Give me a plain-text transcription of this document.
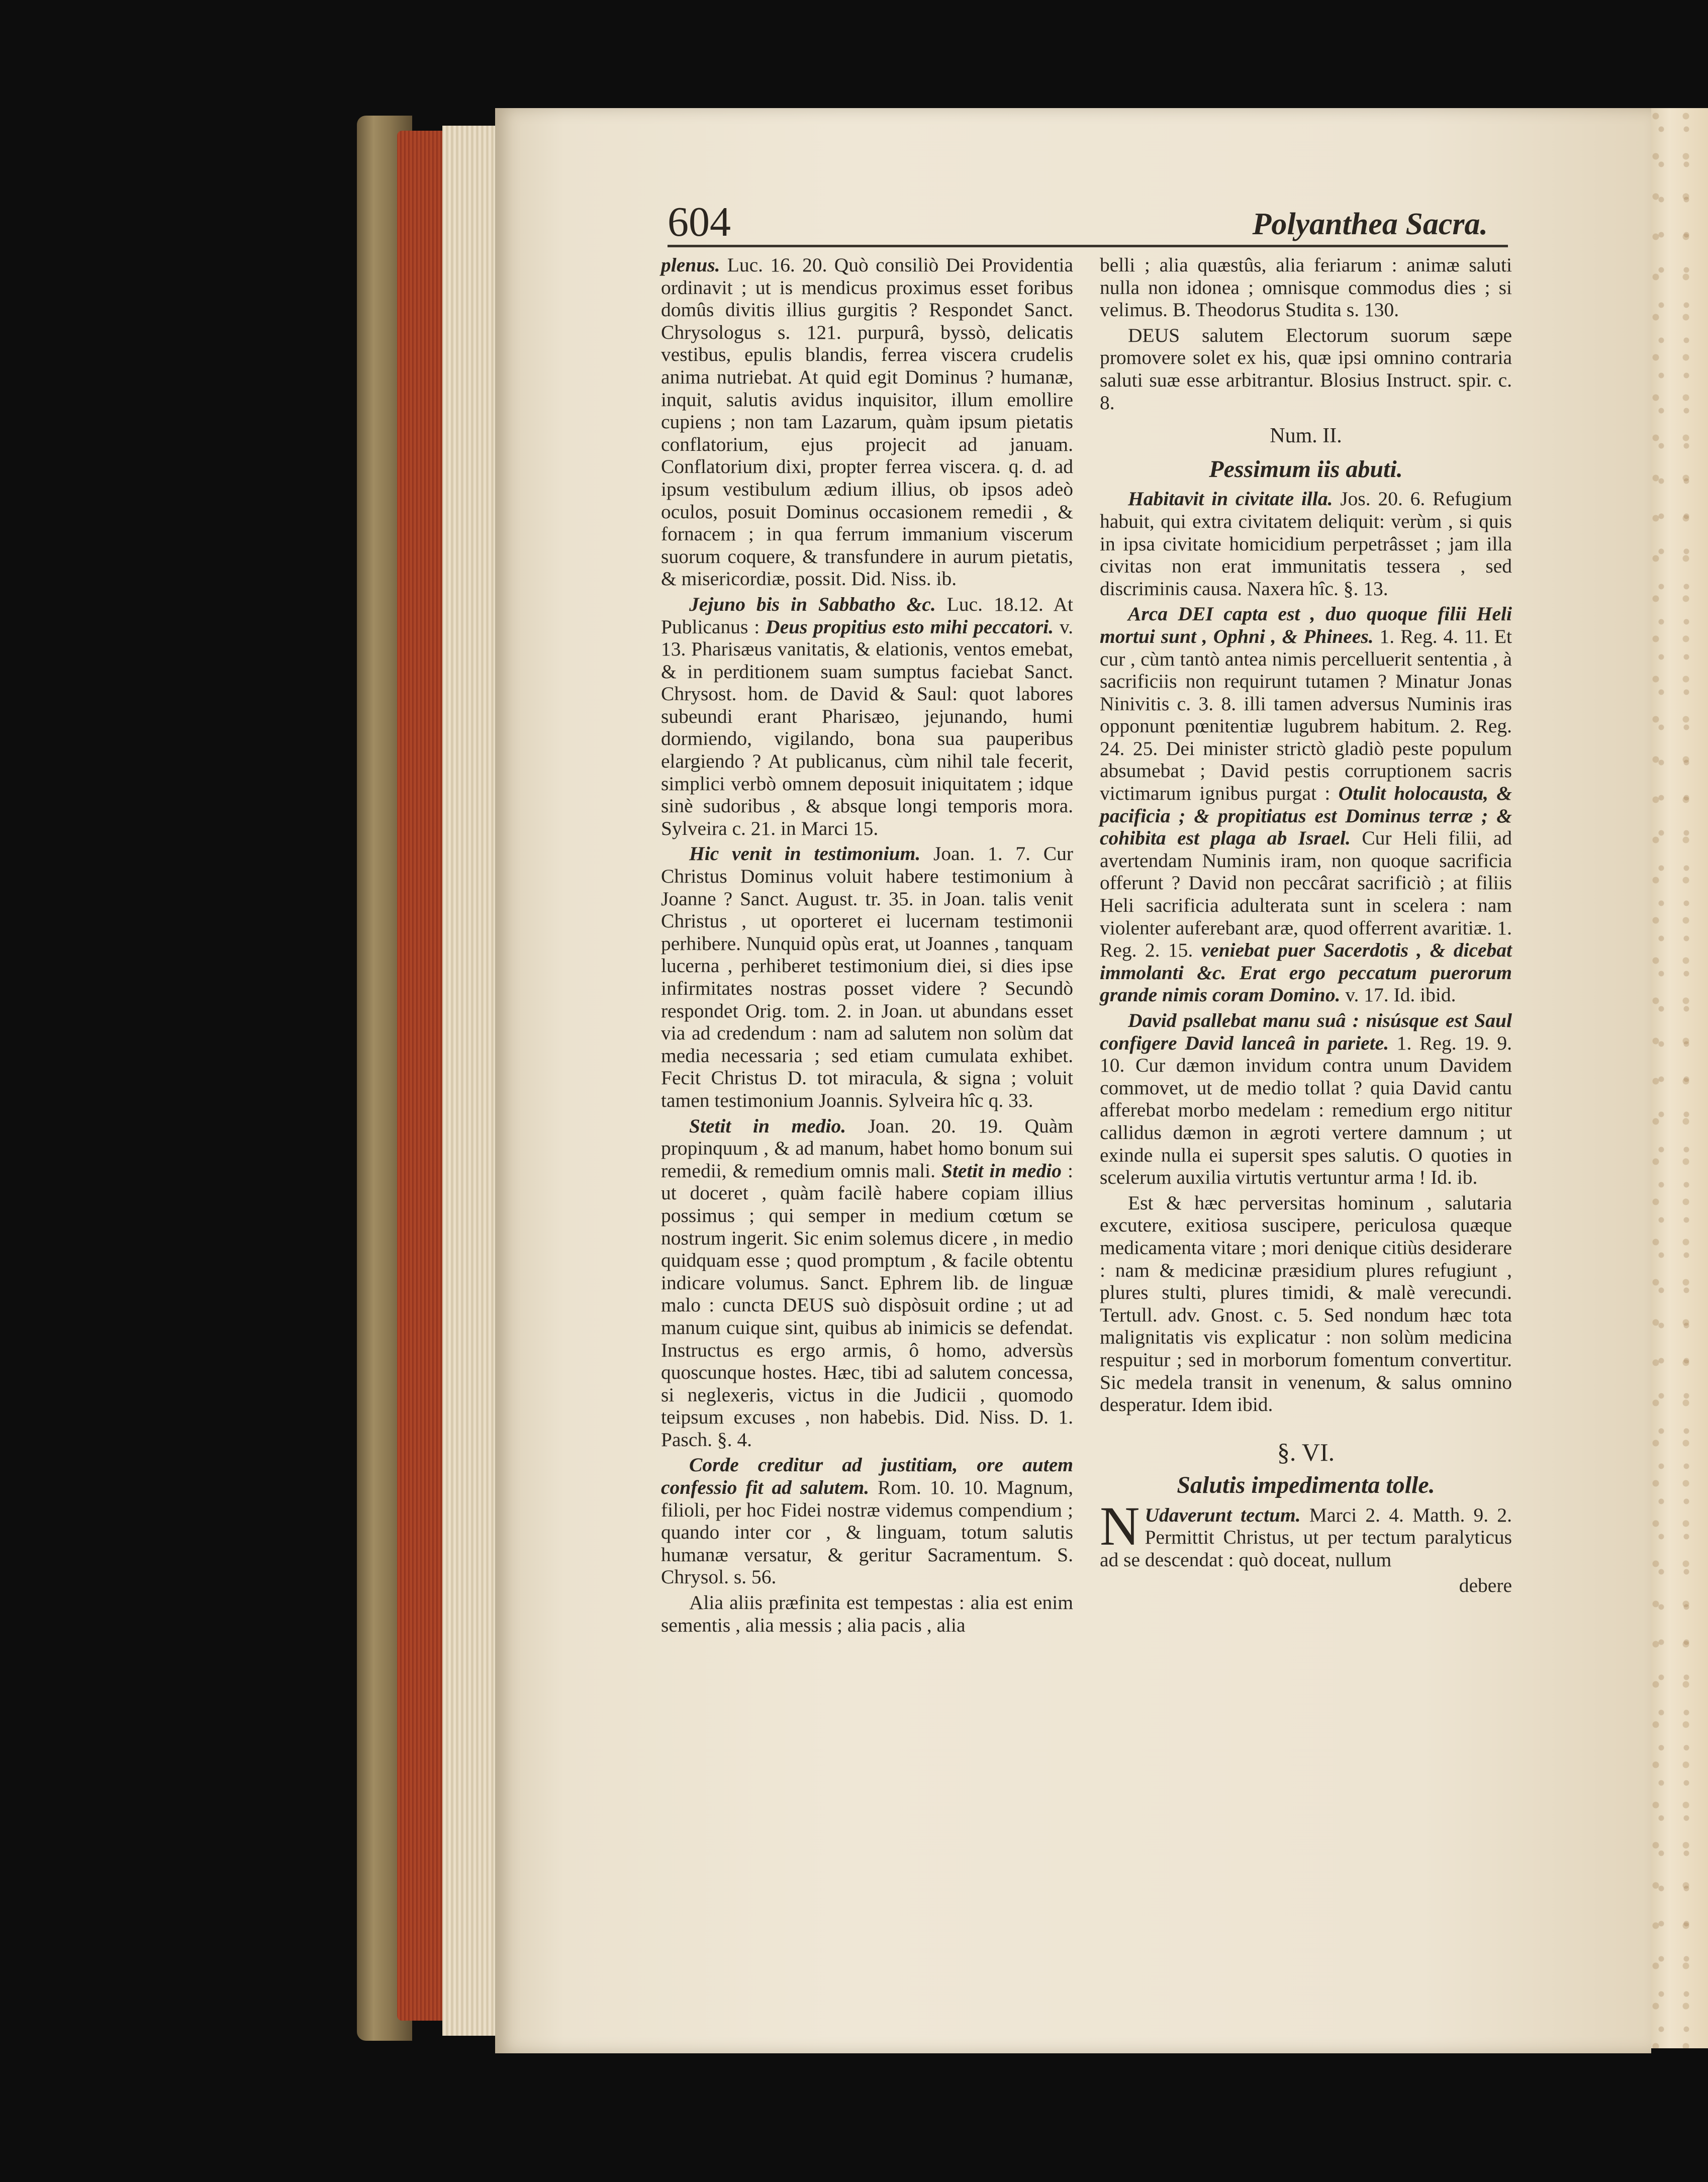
604	Polyanthea Sacra.

plenus. Luc. 16. 20. Quò consiliò Dei Providentia ordinavit ; ut is mendicus proximus esset foribus domûs divitis illius gurgitis ? Respondet Sanct. Chrysologus s. 121. purpurâ, byssò, delicatis vestibus, epulis blandis, ferrea viscera crudelis anima nutriebat. At quid egit Dominus ? humanæ, inquit, salutis avidus inquisitor, illum emollire cupiens ; non tam Lazarum, quàm ipsum pietatis conflatorium, ejus projecit ad januam. Conflatorium dixi, propter ferrea viscera. q. d. ad ipsum vestibulum ædium illius, ob ipsos adeò oculos, posuit Dominus occasionem remedii , & fornacem ; in qua ferrum immanium viscerum suorum coquere, & transfundere in aurum pietatis, & misericordiæ, possit. Did. Niss. ib.

Jejuno bis in Sabbatho &c. Luc. 18.12. At Publicanus : Deus propitius esto mihi peccatori. v. 13. Pharisæus vanitatis, & elationis, ventos emebat, & in perditionem suam sumptus faciebat Sanct. Chrysost. hom. de David & Saul: quot labores subeundi erant Pharisæo, jejunando, humi dormiendo, vigilando, bona sua pauperibus elargiendo ? At publicanus, cùm nihil tale fecerit, simplici verbò omnem deposuit iniquitatem ; idque sinè sudoribus , & absque longi temporis mora. Sylveira c. 21. in Marci 15.

Hic venit in testimonium. Joan. 1. 7. Cur Christus Dominus voluit habere testimonium à Joanne ? Sanct. August. tr. 35. in Joan. talis venit Christus , ut oporteret ei lucernam testimonii perhibere. Nunquid opùs erat, ut Joannes , tanquam lucerna , perhiberet testimonium diei, si dies ipse infirmitates nostras posset videre ? Secundò respondet Orig. tom. 2. in Joan. ut abundans esset via ad credendum : nam ad salutem non solùm dat media necessaria ; sed etiam cumulata exhibet. Fecit Christus D. tot miracula, & signa ; voluit tamen testimonium Joannis. Sylveira hîc q. 33.

Stetit in medio. Joan. 20. 19. Quàm propinquum , & ad manum, habet homo bonum sui remedii, & remedium omnis mali. Stetit in medio : ut doceret , quàm facilè habere copiam illius possimus ; qui semper in medium cœtum se nostrum ingerit. Sic enim solemus dicere , in medio quidquam esse ; quod promptum , & facile obtentu indicare volumus. Sanct. Ephrem lib. de linguæ malo : cuncta DEUS suò dispòsuit ordine ; ut ad manum cuique sint, quibus ab inimicis se defendat. Instructus es ergo armis, ô homo, adversùs quoscunque hostes. Hæc, tibi ad salutem concessa, si neglexeris, victus in die Judicii , quomodo teipsum excuses , non habebis. Did. Niss. D. 1. Pasch. §. 4.

Corde creditur ad justitiam, ore autem confessio fit ad salutem. Rom. 10. 10. Magnum, filioli, per hoc Fidei nostræ videmus compendium ; quando inter cor , & linguam, totum salutis humanæ versatur, & geritur Sacramentum. S. Chrysol. s. 56.

Alia aliis præfinita est tempestas : alia est enim sementis , alia messis ; alia pacis , alia

belli ; alia quæstûs, alia feriarum : animæ saluti nulla non idonea ; omnisque commodus dies ; si velimus. B. Theodorus Studita s. 130.

DEUS salutem Electorum suorum sæpe promovere solet ex his, quæ ipsi omnino contraria saluti suæ esse arbitrantur. Blosius Instruct. spir. c. 8.

Num. II.
Pessimum iis abuti.

Habitavit in civitate illa. Jos. 20. 6. Refugium habuit, qui extra civitatem deliquit: verùm , si quis in ipsa civitate homicidium perpetrâsset ; jam illa civitas non erat immunitatis tessera , sed discriminis causa. Naxera hîc. §. 13.

Arca DEI capta est , duo quoque filii Heli mortui sunt , Ophni , & Phinees. 1. Reg. 4. 11. Et cur , cùm tantò antea nimis percelluerit sententia , à sacrificiis non requirunt tutamen ? Minatur Jonas Ninivitis c. 3. 8. illi tamen adversus Numinis iras opponunt pœnitentiæ lugubrem habitum. 2. Reg. 24. 25. Dei minister strictò gladiò peste populum absumebat ; David pestis corruptionem sacris victimarum ignibus purgat : Otulit holocausta, & pacificia ; & propitiatus est Dominus terræ ; & cohibita est plaga ab Israel. Cur Heli filii, ad avertendam Numinis iram, non quoque sacrificia offerunt ? David non peccârat sacrificiò ; at filiis Heli sacrificia adulterata sunt in scelera : nam violenter auferebant aræ, quod offerrent avaritiæ. 1. Reg. 2. 15. veniebat puer Sacerdotis , & dicebat immolanti &c. Erat ergo peccatum puerorum grande nimis coram Domino. v. 17. Id. ibid.

David psallebat manu suâ : nisúsque est Saul configere David lanceâ in pariete. 1. Reg. 19. 9. 10. Cur dæmon invidum contra unum Davidem commovet, ut de medio tollat ? quia David cantu afferebat morbo medelam : remedium ergo nititur callidus dæmon in ægroti vertere damnum ; ut exinde nulla ei supersit spes salutis. O quoties in scelerum auxilia virtutis vertuntur arma ! Id. ib.

Est & hæc perversitas hominum , salutaria excutere, exitiosa suscipere, periculosa quæque medicamenta vitare ; mori denique citiùs desiderare : nam & medicinæ præsidium plures refugiunt , plures stulti, plures timidi, & malè verecundi. Tertull. adv. Gnost. c. 5. Sed nondum hæc tota malignitatis vis explicatur : non solùm medicina respuitur ; sed in morborum fomentum convertitur. Sic medela transit in venenum, & salus omnino desperatur. Idem ibid.

§. VI.
Salutis impedimenta tolle.

N Udaverunt tectum. Marci 2. 4. Matth. 9. 2. Permittit Christus, ut per tectum paralyticus ad se descendat : quò doceat, nullum

debere
